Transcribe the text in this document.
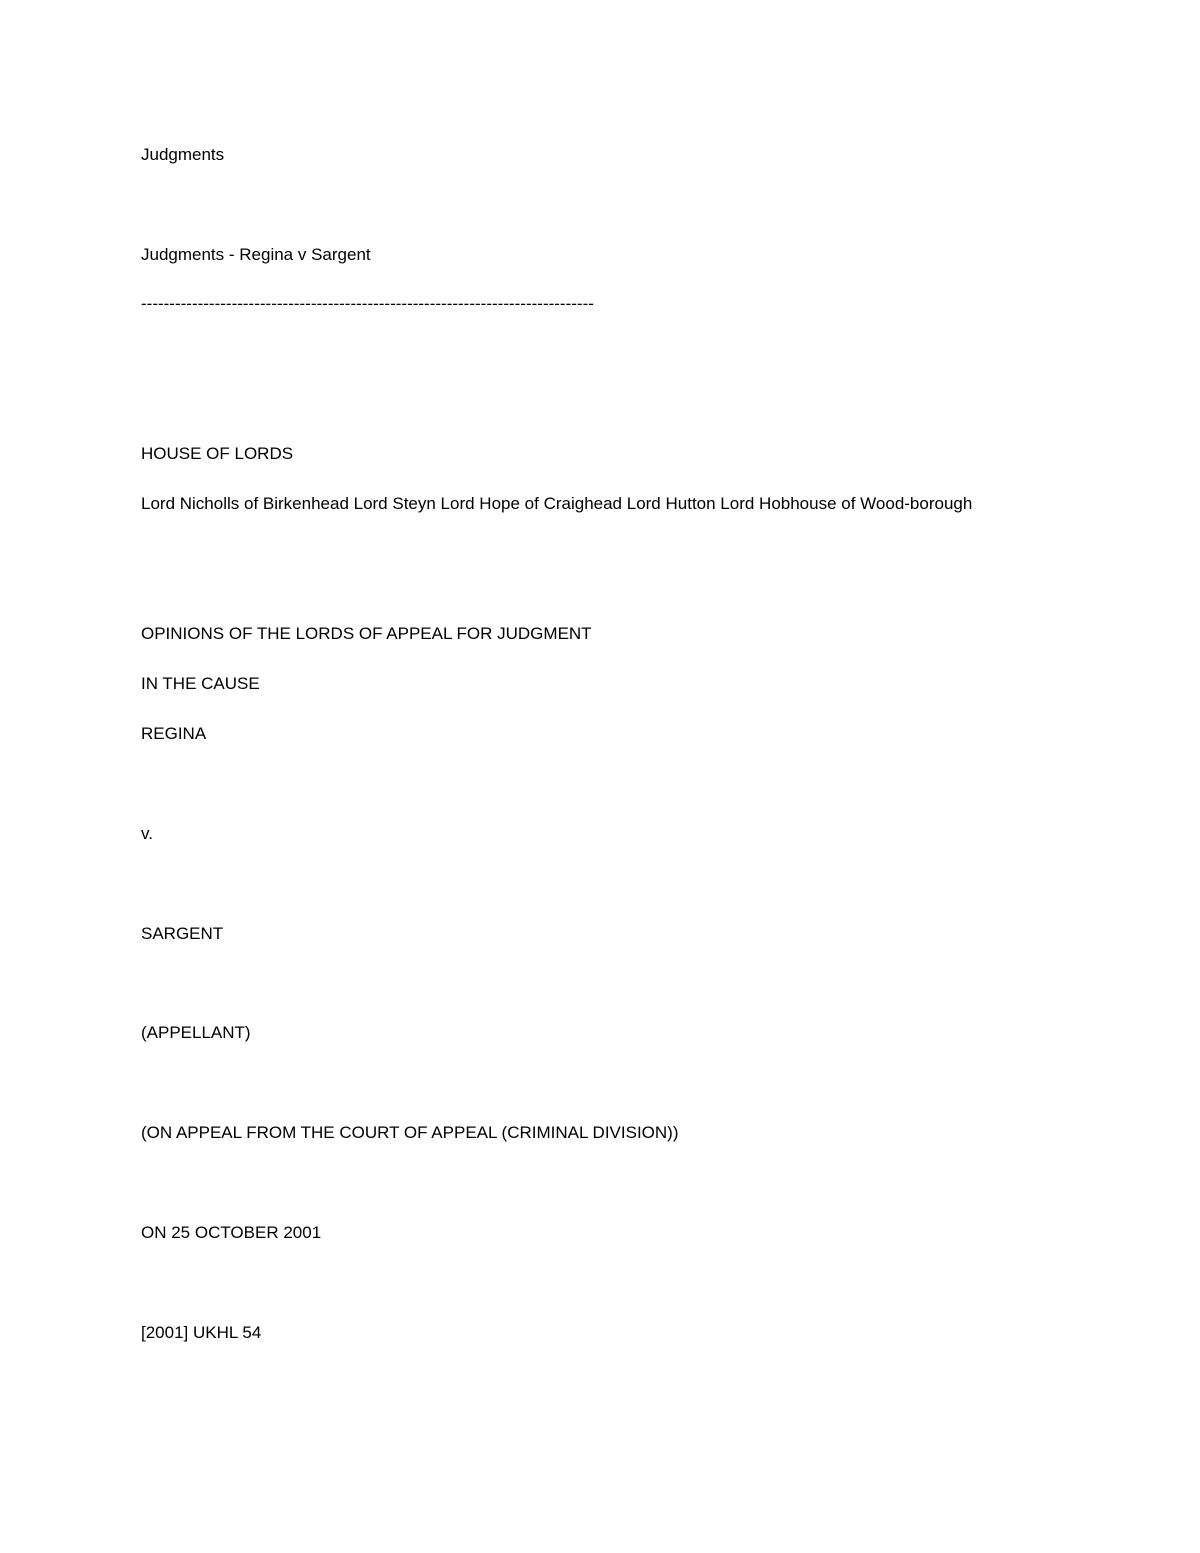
Judgments

Judgments - Regina v Sargent

--------------------------------------------------------------------------------

HOUSE OF LORDS

Lord Nicholls of Birkenhead Lord Steyn Lord Hope of Craighead Lord Hutton Lord Hobhouse of Wood-borough

OPINIONS OF THE LORDS OF APPEAL FOR JUDGMENT

IN THE CAUSE

REGINA

v.

SARGENT

(APPELLANT)

(ON APPEAL FROM THE COURT OF APPEAL (CRIMINAL DIVISION))

ON 25 OCTOBER 2001

[2001] UKHL 54
